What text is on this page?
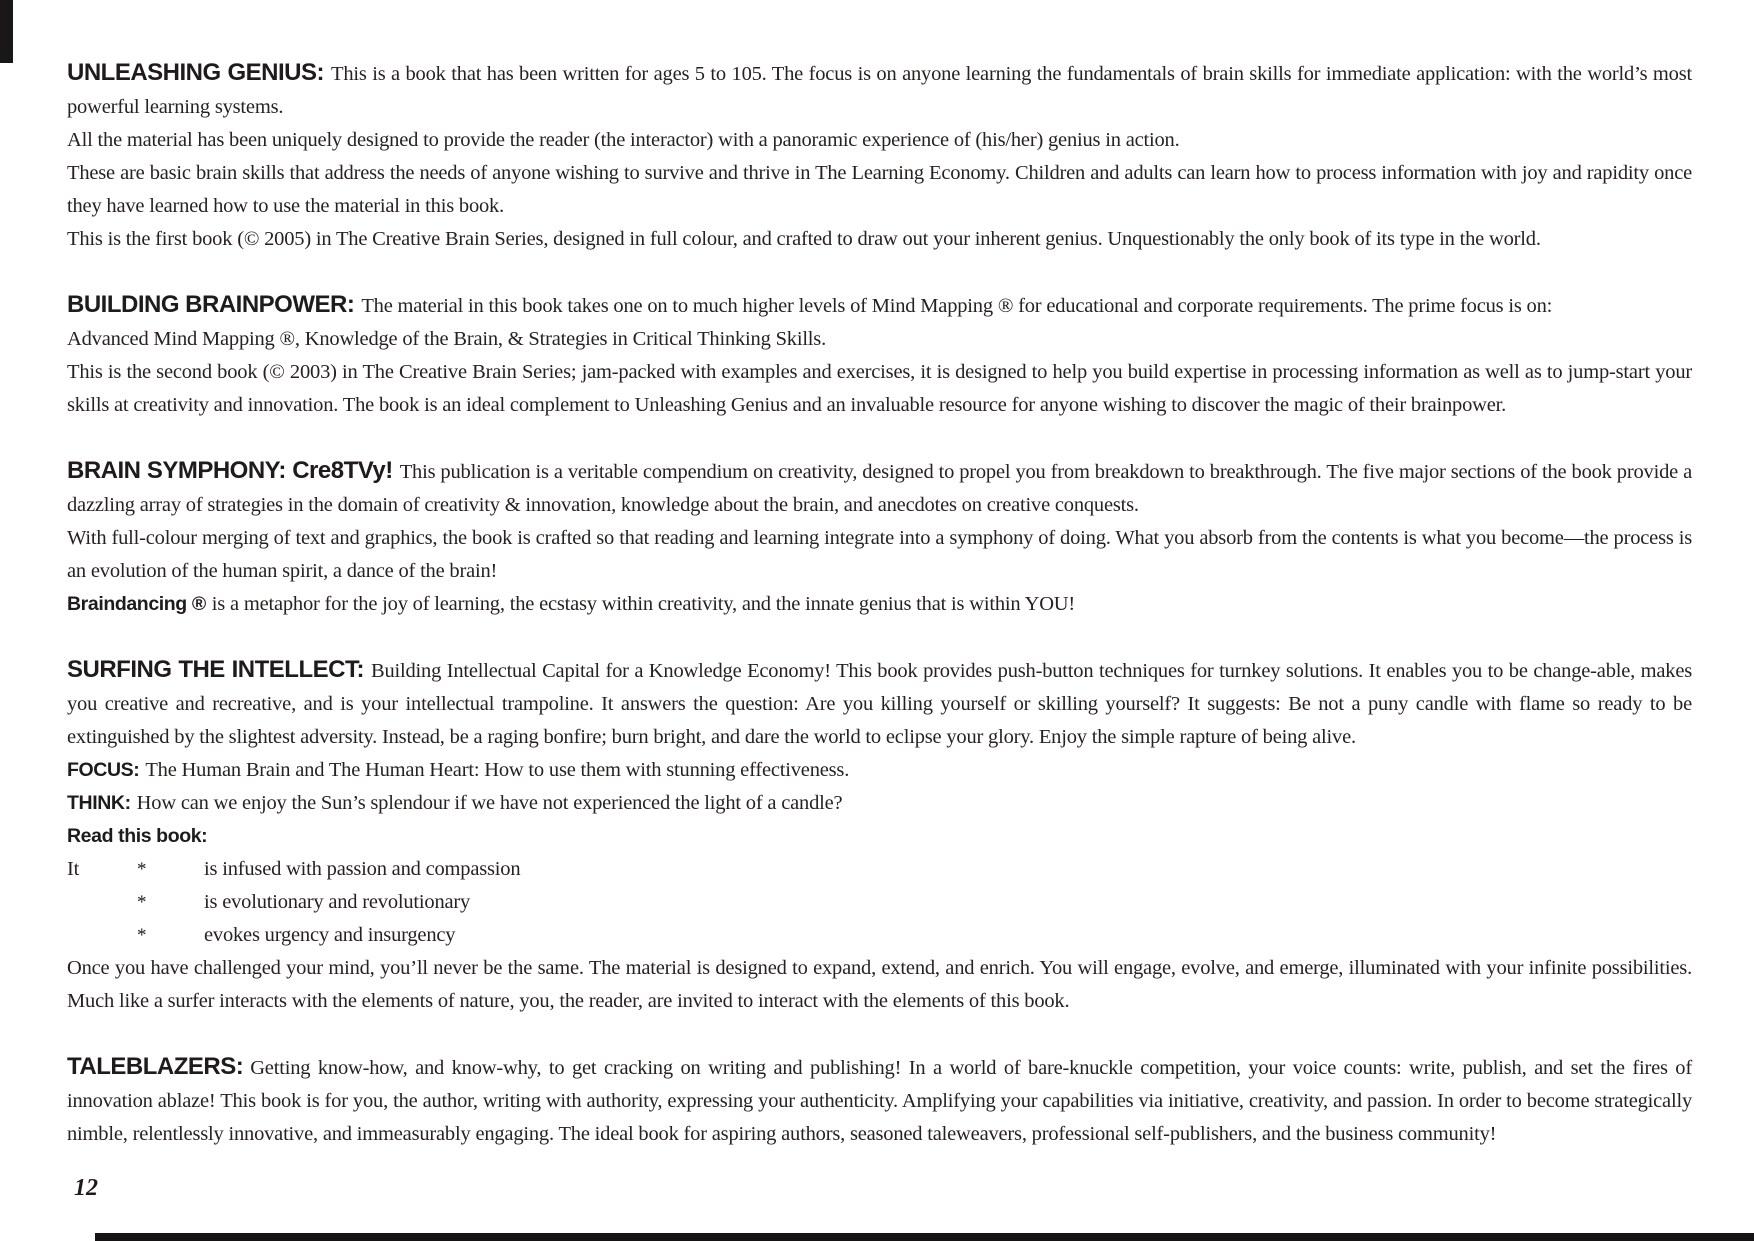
UNLEASHING GENIUS: This is a book that has been written for ages 5 to 105. The focus is on anyone learning the fundamentals of brain skills for immediate application: with the world’s most powerful learning systems.

All the material has been uniquely designed to provide the reader (the interactor) with a panoramic experience of (his/her) genius in action.

These are basic brain skills that address the needs of anyone wishing to survive and thrive in The Learning Economy. Children and adults can learn how to process information with joy and rapidity once they have learned how to use the material in this book.

This is the first book (© 2005) in The Creative Brain Series, designed in full colour, and crafted to draw out your inherent genius. Unquestionably the only book of its type in the world.

BUILDING BRAINPOWER: The material in this book takes one on to much higher levels of Mind Mapping ® for educational and corporate requirements. The prime focus is on:

Advanced Mind Mapping ®, Knowledge of the Brain, & Strategies in Critical Thinking Skills.

This is the second book (© 2003) in The Creative Brain Series; jam-packed with examples and exercises, it is designed to help you build expertise in processing information as well as to jump-start your skills at creativity and innovation. The book is an ideal complement to Unleashing Genius and an invaluable resource for anyone wishing to discover the magic of their brainpower.

BRAIN SYMPHONY: Cre8TVy! This publication is a veritable compendium on creativity, designed to propel you from breakdown to breakthrough. The five major sections of the book provide a dazzling array of strategies in the domain of creativity & innovation, knowledge about the brain, and anecdotes on creative conquests.

With full-colour merging of text and graphics, the book is crafted so that reading and learning integrate into a symphony of doing. What you absorb from the contents is what you become—the process is an evolution of the human spirit, a dance of the brain!

Braindancing ® is a metaphor for the joy of learning, the ecstasy within creativity, and the innate genius that is within YOU!

SURFING THE INTELLECT: Building Intellectual Capital for a Knowledge Economy! This book provides push-button techniques for turnkey solutions. It enables you to be change-able, makes you creative and recreative, and is your intellectual trampoline. It answers the question: Are you killing yourself or skilling yourself? It suggests: Be not a puny candle with flame so ready to be extinguished by the slightest adversity. Instead, be a raging bonfire; burn bright, and dare the world to eclipse your glory. Enjoy the simple rapture of being alive.

FOCUS: The Human Brain and The Human Heart: How to use them with stunning effectiveness.

THINK: How can we enjoy the Sun’s splendour if we have not experienced the light of a candle?

Read this book:

It	*	is infused with passion and compassion
*	is evolutionary and revolutionary
*	evokes urgency and insurgency

Once you have challenged your mind, you’ll never be the same. The material is designed to expand, extend, and enrich. You will engage, evolve, and emerge, illuminated with your infinite possibilities. Much like a surfer interacts with the elements of nature, you, the reader, are invited to interact with the elements of this book.

TALEBLAZERS: Getting know-how, and know-why, to get cracking on writing and publishing! In a world of bare-knuckle competition, your voice counts: write, publish, and set the fires of innovation ablaze! This book is for you, the author, writing with authority, expressing your authenticity. Amplifying your capabilities via initiative, creativity, and passion. In order to become strategically nimble, relentlessly innovative, and immeasurably engaging. The ideal book for aspiring authors, seasoned taleweavers, professional self-publishers, and the business community!

12
